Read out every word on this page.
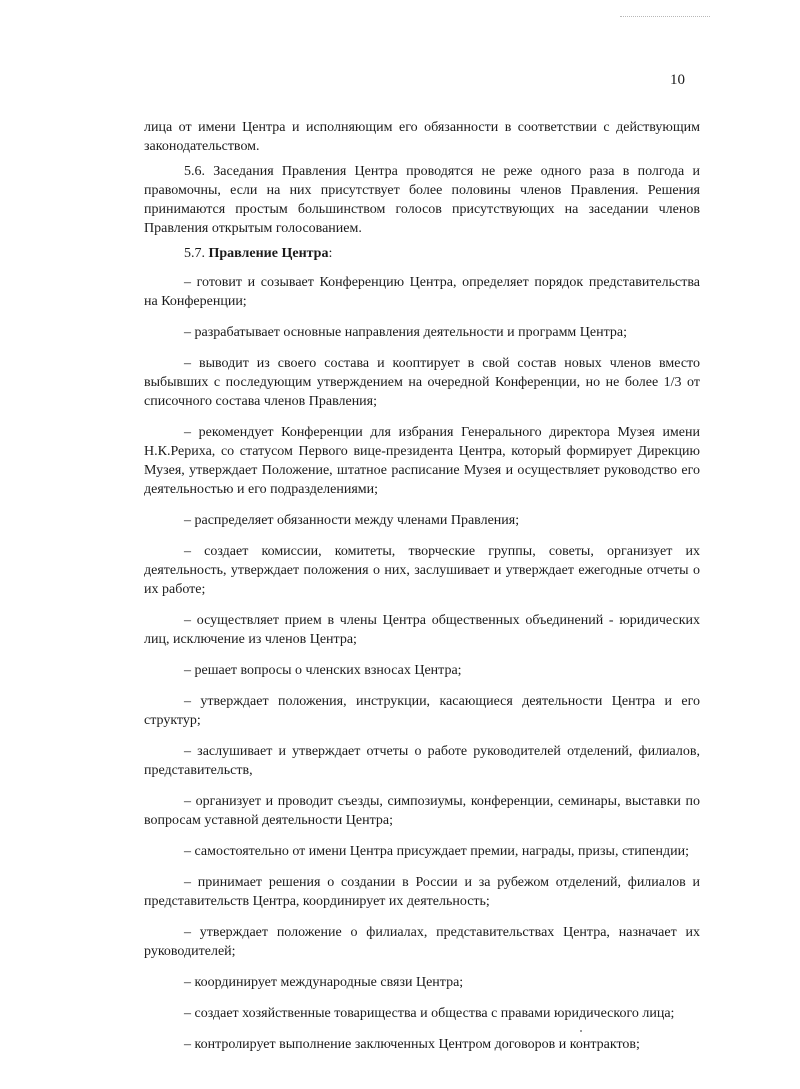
10

лица от имени Центра и исполняющим его обязанности в соответствии с действующим законодательством.

5.6. Заседания Правления Центра проводятся не реже одного раза в полгода и правомочны, если на них присутствует более половины членов Правления. Решения принимаются простым большинством голосов присутствующих на заседании членов Правления открытым голосованием.

5.7. Правление Центра:

– готовит и созывает Конференцию Центра, определяет порядок представительства на Конференции;

– разрабатывает основные направления деятельности и программ Центра;

– выводит из своего состава и кооптирует в свой состав новых членов вместо выбывших с последующим утверждением на очередной Конференции, но не более 1/3 от списочного состава членов Правления;

– рекомендует Конференции для избрания Генерального директора Музея имени Н.К.Рериха, со статусом Первого вице-президента Центра, который формирует Дирекцию Музея, утверждает Положение, штатное расписание Музея и осуществляет руководство его деятельностью и его подразделениями;

– распределяет обязанности между членами Правления;

– создает комиссии, комитеты, творческие группы, советы, организует их деятельность, утверждает положения о них, заслушивает и утверждает ежегодные отчеты о их работе;

– осуществляет прием в члены Центра общественных объединений - юридических лиц, исключение из членов Центра;

– решает вопросы о членских взносах Центра;

– утверждает положения, инструкции, касающиеся деятельности Центра и его структур;

– заслушивает и утверждает отчеты о работе руководителей отделений, филиалов, представительств,

– организует и проводит съезды, симпозиумы, конференции, семинары, выставки по вопросам уставной деятельности Центра;

– самостоятельно от имени Центра присуждает премии, награды, призы, стипендии;

– принимает решения о создании в России и за рубежом отделений, филиалов и представительств Центра, координирует их деятельность;

– утверждает положение о филиалах, представительствах Центра, назначает их руководителей;

– координирует международные связи Центра;

– создает хозяйственные товарищества и общества с правами юридического лица;

– контролирует выполнение заключенных Центром договоров и контрактов;
